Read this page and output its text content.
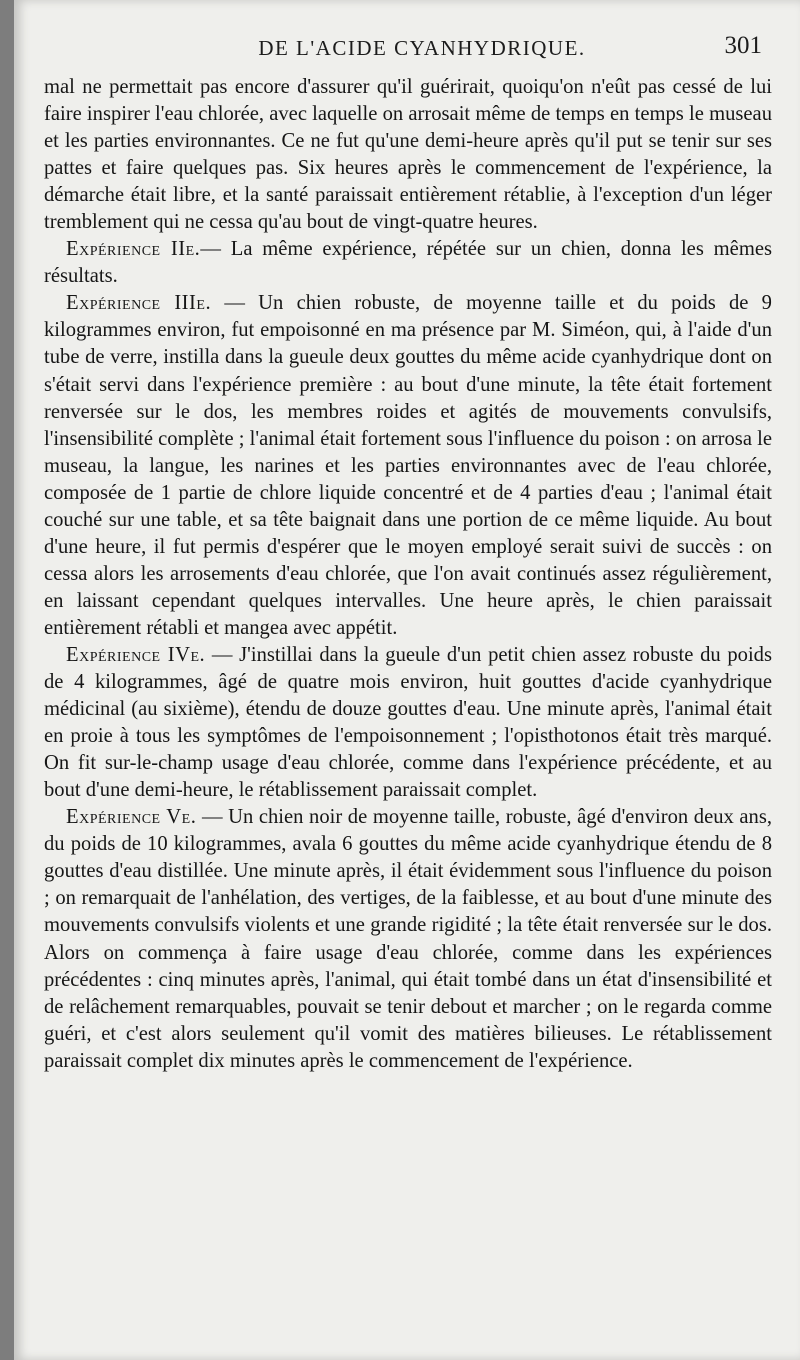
DE L'ACIDE CYANHYDRIQUE.	301

mal ne permettait pas encore d'assurer qu'il guérirait, quoiqu'on n'eût pas cessé de lui faire inspirer l'eau chlorée, avec laquelle on arrosait même de temps en temps le museau et les parties environnantes. Ce ne fut qu'une demi-heure après qu'il put se tenir sur ses pattes et faire quelques pas. Six heures après le commencement de l'expérience, la démarche était libre, et la santé paraissait entièrement rétablie, à l'exception d'un léger tremblement qui ne cessa qu'au bout de vingt-quatre heures.

Expérience IIe.— La même expérience, répétée sur un chien, donna les mêmes résultats.

Expérience IIIe. — Un chien robuste, de moyenne taille et du poids de 9 kilogrammes environ, fut empoisonné en ma présence par M. Siméon, qui, à l'aide d'un tube de verre, instilla dans la gueule deux gouttes du même acide cyanhydrique dont on s'était servi dans l'expérience première : au bout d'une minute, la tête était fortement renversée sur le dos, les membres roides et agités de mouvements convulsifs, l'insensibilité complète ; l'animal était fortement sous l'influence du poison : on arrosa le museau, la langue, les narines et les parties environnantes avec de l'eau chlorée, composée de 1 partie de chlore liquide concentré et de 4 parties d'eau ; l'animal était couché sur une table, et sa tête baignait dans une portion de ce même liquide. Au bout d'une heure, il fut permis d'espérer que le moyen employé serait suivi de succès : on cessa alors les arrosements d'eau chlorée, que l'on avait continués assez régulièrement, en laissant cependant quelques intervalles. Une heure après, le chien paraissait entièrement rétabli et mangea avec appétit.

Expérience IVe. — J'instillai dans la gueule d'un petit chien assez robuste du poids de 4 kilogrammes, âgé de quatre mois environ, huit gouttes d'acide cyanhydrique médicinal (au sixième), étendu de douze gouttes d'eau. Une minute après, l'animal était en proie à tous les symptômes de l'empoisonnement ; l'opisthotonos était très marqué. On fit sur-le-champ usage d'eau chlorée, comme dans l'expérience précédente, et au bout d'une demi-heure, le rétablissement paraissait complet.

Expérience Ve. — Un chien noir de moyenne taille, robuste, âgé d'environ deux ans, du poids de 10 kilogrammes, avala 6 gouttes du même acide cyanhydrique étendu de 8 gouttes d'eau distillée. Une minute après, il était évidemment sous l'influence du poison ; on remarquait de l'anhélation, des vertiges, de la faiblesse, et au bout d'une minute des mouvements convulsifs violents et une grande rigidité ; la tête était renversée sur le dos. Alors on commença à faire usage d'eau chlorée, comme dans les expériences précédentes : cinq minutes après, l'animal, qui était tombé dans un état d'insensibilité et de relâchement remarquables, pouvait se tenir debout et marcher ; on le regarda comme guéri, et c'est alors seulement qu'il vomit des matières bilieuses. Le rétablissement paraissait complet dix minutes après le commencement de l'expérience.
